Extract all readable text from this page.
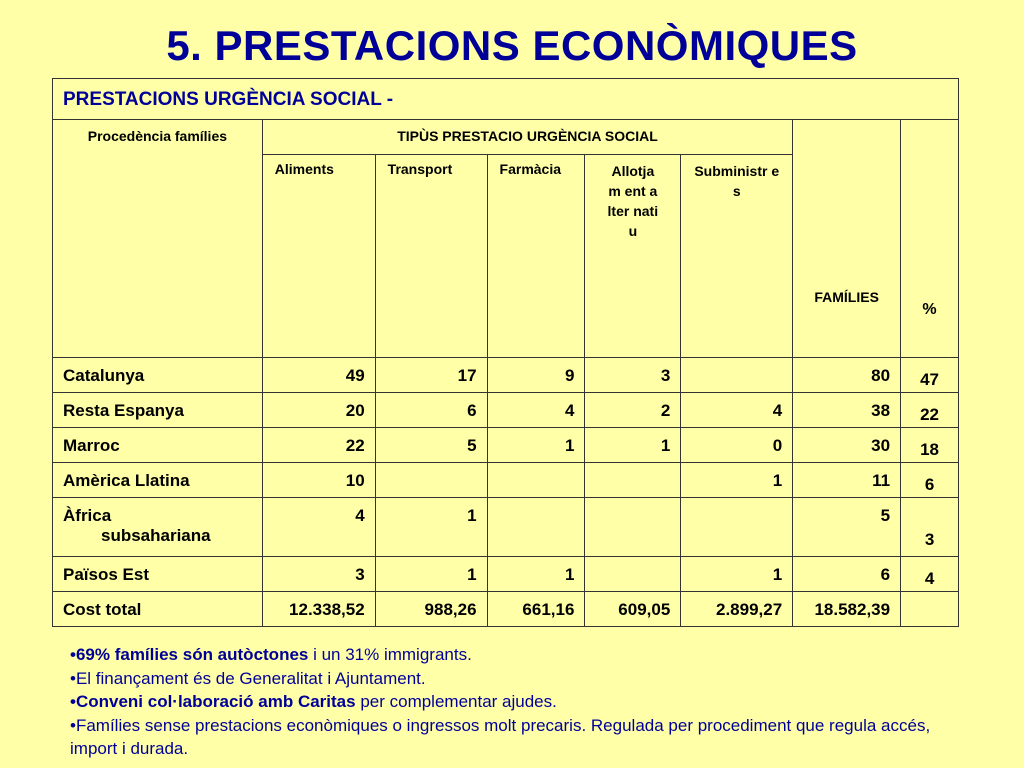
5. PRESTACIONS ECONÒMIQUES
PRESTACIONS URGÈNCIA SOCIAL -							
Procedència famílies	TIPÙS PRESTACIO URGÈNCIA SOCIAL					FAMÍLIES	%
	Aliments	Transport	Farmàcia	Allotjam ent alter nati u	Subministr es		
Catalunya	49	17	9	3		80	47
Resta Espanya	20	6	4	2	4	38	22
Marroc	22	5	1	1	0	30	18
Amèrica Llatina	10				1	11	6
Àfrica
subsahariana	4	1				5	3
Països Est	3	1	1		1	6	4
Cost total	12.338,52	988,26	661,16	609,05	2.899,27	18.582,39	
•69% famílies són autòctones i un 31% immigrants.
•El finançament és de Generalitat i Ajuntament.
•Conveni col·laboració amb Caritas per complementar ajudes.
•Famílies sense prestacions econòmiques o ingressos molt precaris. Regulada per procediment que regula accés, import i durada.
